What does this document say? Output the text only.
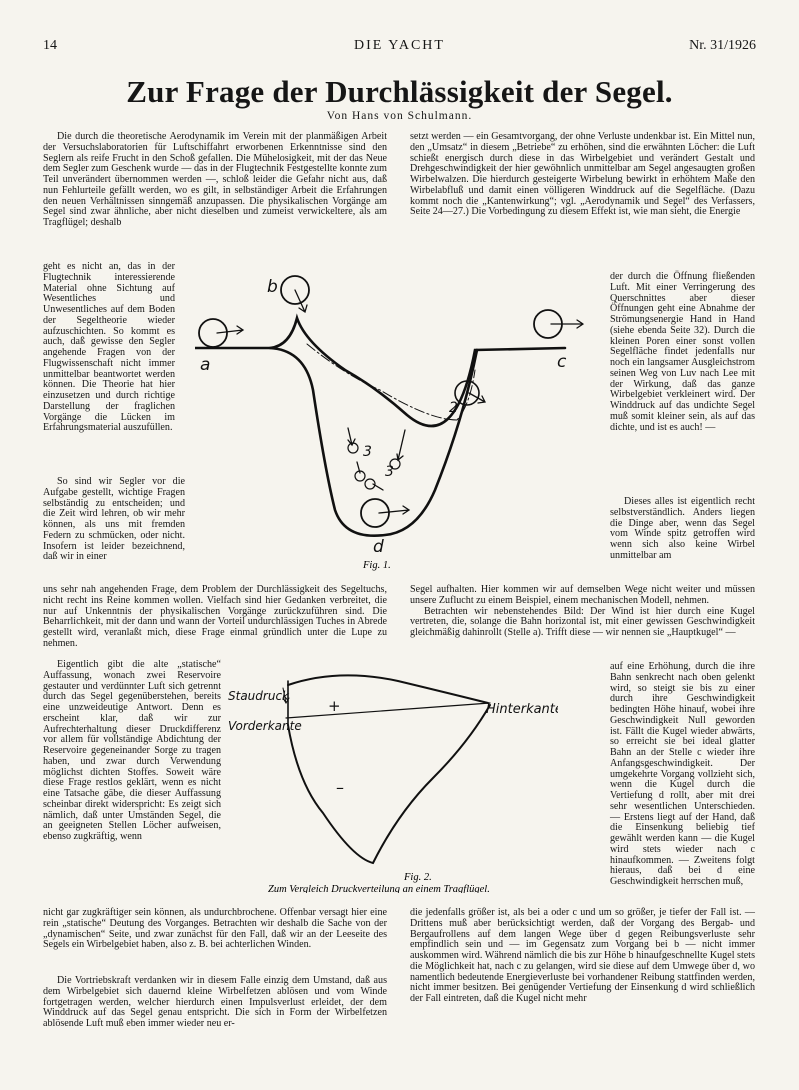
14	DIE YACHT	Nr. 31/1926
Zur Frage der Durchlässigkeit der Segel.
Von Hans von Schulmann.

Die durch die theoretische Aerodynamik im Verein mit der planmäßigen Arbeit der Versuchslaboratorien für Luftschiffahrt erworbenen Erkenntnisse sind den Seglern als reife Frucht in den Schoß gefallen. Die Mühelosigkeit, mit der das Neue dem Segler zum Geschenk wurde — das in der Flugtechnik Festgestellte konnte zum Teil unverändert übernommen werden —, schloß leider die Gefahr nicht aus, daß nun Fehlurteile gefällt werden, wo es gilt, in selbständiger Arbeit die Erfahrungen den neuen Verhältnissen sinngemäß anzupassen. Die physikalischen Vorgänge am Segel sind zwar ähnliche, aber nicht dieselben und zumeist verwickeltere, als am Tragflügel; deshalb

geht es nicht an, das in der Flugtechnik interessierende Material ohne Sichtung auf Wesentliches und Unwesentliches auf dem Boden der Segeltheorie wieder aufzuschichten. So kommt es auch, daß gewisse den Segler angehende Fragen von der Flugwissenschaft nicht immer unmittelbar beantwortet werden können. Die Theorie hat hier einzusetzen und durch richtige Darstellung der fraglichen Vorgänge die Lücken im Erfahrungsmaterial auszufüllen.

So sind wir Segler vor die Aufgabe gestellt, wichtige Fragen selbständig zu entscheiden; und die Zeit wird lehren, ob wir mehr können, als uns mit fremden Federn zu schmücken, oder nicht. Insofern ist leider bezeichnend, daß wir in einer

uns sehr nah angehenden Frage, dem Problem der Durchlässigkeit des Segeltuchs, nicht recht ins Reine kommen wollen. Vielfach sind hier Gedanken verbreitet, die nur auf Unkenntnis der physikalischen Vorgänge zurückzuführen sind. Die Beharrlichkeit, mit der dann und wann der Vorteil undurchlässigen Tuches in Abrede gestellt wird, veranlaßt mich, diese Frage einmal gründlich unter die Lupe zu nehmen.

Eigentlich gibt die alte „statische“ Auffassung, wonach zwei Reservoire gestauter und verdünnter Luft sich getrennt durch das Segel gegenüberstehen, bereits eine unzweideutige Antwort. Denn es erscheint klar, daß wir zur Aufrechterhaltung dieser Druckdifferenz vor allem für vollständige Abdichtung der Reservoire gegeneinander Sorge zu tragen haben, und zwar durch Verwendung möglichst dichten Stoffes. Soweit wäre diese Frage restlos geklärt, wenn es nicht eine Tatsache gäbe, die dieser Auffassung scheinbar direkt widerspricht: Es zeigt sich nämlich, daß unter Umständen Segel, die an geeigneten Stellen Löcher aufweisen, ebenso zugkräftig, wenn

nicht gar zugkräftiger sein können, als undurchbrochene. Offenbar versagt hier eine rein „statische“ Deutung des Vorganges. Betrachten wir deshalb die Sache von der „dynamischen“ Seite, und zwar zunächst für den Fall, daß wir an der Leeseite des Segels ein Wirbelgebiet haben, also z. B. bei achterlichen Winden.

Die Vortriebskraft verdanken wir in diesem Falle einzig dem Umstand, daß aus dem Wirbelgebiet sich dauernd kleine Wirbelfetzen ablösen und vom Winde fortgetragen werden, welcher hierdurch einen Impulsverlust erleidet, der dem Winddruck auf das Segel genau entspricht. Die sich in Form der Wirbelfetzen ablösende Luft muß eben immer wieder neu er-

setzt werden — ein Gesamtvorgang, der ohne Verluste undenkbar ist. Ein Mittel nun, den „Umsatz“ in diesem „Betriebe“ zu erhöhen, sind die erwähnten Löcher: die Luft schießt energisch durch diese in das Wirbelgebiet und verändert Gestalt und Drehgeschwindigkeit der hier gewöhnlich unmittelbar am Segel angesaugten großen Wirbelwalzen. Die hierdurch gesteigerte Wirbelung bewirkt in erhöhtem Maße den Wirbelabfluß und damit einen völligeren Winddruck auf die Segelfläche. (Dazu kommt noch die „Kantenwirkung“; vgl. „Aerodynamik und Segel“ des Verfassers, Seite 24—27.) Die Vorbedingung zu diesem Effekt ist, wie man sieht, die Energie

der durch die Öffnung fließenden Luft. Mit einer Verringerung des Querschnittes aber dieser Öffnungen geht eine Abnahme der Strömungsenergie Hand in Hand (siehe ebenda Seite 32). Durch die kleinen Poren einer sonst vollen Segelfläche findet jedenfalls nur noch ein langsamer Ausgleichstrom seinen Weg von Luv nach Lee mit der Wirkung, daß das ganze Wirbelgebiet verkleinert wird. Der Winddruck auf das undichte Segel muß somit kleiner sein, als auf das dichte, und ist es auch! —

Dieses alles ist eigentlich recht selbstverständlich. Anders liegen die Dinge aber, wenn das Segel vom Winde spitz getroffen wird wenn sich also keine Wirbel unmittelbar am

Segel aufhalten. Hier kommen wir auf demselben Wege nicht weiter und müssen unsere Zuflucht zu einem Beispiel, einem mechanischen Modell, nehmen.

Betrachten wir nebenstehendes Bild: Der Wind ist hier durch eine Kugel vertreten, die, solange die Bahn horizontal ist, mit einer gewissen Geschwindigkeit gleichmäßig dahinrollt (Stelle a). Trifft diese — wir nennen sie „Hauptkugel“ —

auf eine Erhöhung, durch die ihre Bahn senkrecht nach oben gelenkt wird, so steigt sie bis zu einer durch ihre Geschwindigkeit bedingten Höhe hinauf, wobei ihre Geschwindigkeit Null geworden ist. Fällt die Kugel wieder abwärts, so erreicht sie bei ideal glatter Bahn an der Stelle c wieder ihre Anfangsgeschwindigkeit. Der umgekehrte Vorgang vollzieht sich, wenn die Kugel durch die Vertiefung d rollt, aber mit drei sehr wesentlichen Unterschieden. — Erstens liegt auf der Hand, daß die Einsenkung beliebig tief gewählt werden kann — die Kugel wird stets wieder nach c hinaufkommen. — Zweitens folgt hieraus, daß bei d eine Geschwindigkeit herrschen muß,

die jedenfalls größer ist, als bei a oder c und um so größer, je tiefer der Fall ist. — Drittens muß aber berücksichtigt werden, daß der Vorgang des Bergab- und Bergaufrollens auf dem langen Wege über d gegen Reibungsverluste sehr empfindlich sein und — im Gegensatz zum Vorgang bei b — nicht immer auskommen wird. Während nämlich die bis zur Höhe b hinaufgeschnellte Kugel stets die Möglichkeit hat, nach c zu gelangen, wird sie diese auf dem Umwege über d, wo namentlich bedeutende Energieverluste bei vorhandener Reibung stattfinden werden, nicht immer besitzen. Bei genügender Vertiefung der Einsenkung d wird schließlich der Fall eintreten, daß die Kugel nicht mehr

a
b
c
d
3
3
2
Fig. 1.
Staudruck
Vorderkante
Hinterkante
+
–
Fig. 2.
Zum Vergleich Druckverteilung an einem Tragflügel.
